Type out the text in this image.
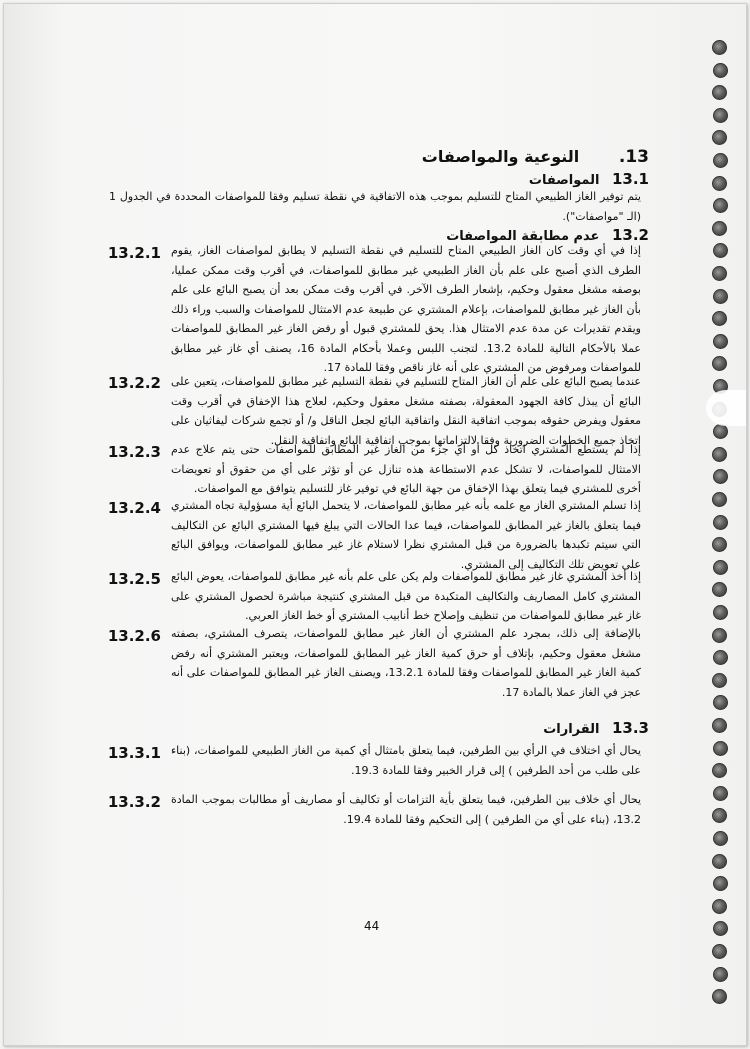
13. النوعية والمواصفات
13.1 المواصفات
يتم توفير الغاز الطبيعي المتاح للتسليم بموجب هذه الاتفاقية في نقطة تسليم وفقا للمواصفات المحددة في الجدول 1 (الـ "مواصفات").
13.2 عدم مطابقة المواصفات
13.2.1 إذا في أي وقت كان الغاز الطبيعي المتاح للتسليم في نقطة التسليم لا يطابق لمواصفات الغاز، يقوم الطرف الذي أصبح على علم بأن الغاز الطبيعي غير مطابق للمواصفات، في أقرب وقت ممكن عمليا، بوصفه مشغل معقول وحكيم، بإشعار الطرف الآخر. في أقرب وقت ممكن بعد أن يصبح البائع على علم بأن الغاز غير مطابق للمواصفات، بإعلام المشتري عن طبيعة عدم الامتثال للمواصفات والسبب وراء ذلك ويقدم تقديرات عن مدة عدم الامتثال هذا. يحق للمشتري قبول أو رفض الغاز غير المطابق للمواصفات عملا بالأحكام التالية للمادة 13.2. لتجنب اللبس وعملا بأحكام المادة 16، يصنف أي غاز غير مطابق للمواصفات ومرفوض من المشتري على أنه غاز ناقص وفقا للمادة 17.
13.2.2 عندما يصبح البائع على علم أن الغاز المتاح للتسليم في نقطة التسليم غير مطابق للمواصفات، يتعين على البائع أن يبذل كافة الجهود المعقولة، بصفته مشغل معقول وحكيم، لعلاج هذا الإخفاق في أقرب وقت معقول ويفرض حقوقه بموجب اتفاقية النقل واتفاقية البائع لجعل الناقل و/ أو تجمع شركات ليفاثيان على اتخاذ جميع الخطوات الضرورية وفقا لالتزاماتها بموجب اتفاقية البائع واتفاقية النقل.
13.2.3 إذا لم يستطع المشتري اتخاذ كل أو أي جزء من الغاز غير المطابق للمواصفات حتى يتم علاج عدم الامتثال للمواصفات، لا تشكل عدم الاستطاعة هذه تنازل عن أو تؤثر على أي من حقوق أو تعويضات أخرى للمشتري فيما يتعلق بهذا الإخفاق من جهة البائع في توفير غاز للتسليم يتوافق مع المواصفات.
13.2.4 إذا تسلم المشتري الغاز مع علمه بأنه غير مطابق للمواصفات، لا يتحمل البائع أية مسؤولية تجاه المشتري فيما يتعلق بالغاز غير المطابق للمواصفات، فيما عدا الحالات التي يبلغ فيها المشتري البائع عن التكاليف التي سيتم تكبدها بالضرورة من قبل المشتري نظرا لاستلام غاز غير مطابق للمواصفات، ويوافق البائع على تعويض تلك التكاليف إلى المشتري.
13.2.5 إذا أخذ المشتري غاز غير مطابق للمواصفات ولم يكن على علم بأنه غير مطابق للمواصفات، يعوض البائع المشتري كامل المصاريف والتكاليف المتكبدة من قبل المشتري كنتيجة مباشرة لحصول المشتري على غاز غير مطابق للمواصفات من تنظيف وإصلاح خط أنابيب المشتري أو خط الغاز العربي.
13.2.6 بالإضافة إلى ذلك، بمجرد علم المشتري أن الغاز غير مطابق للمواصفات، يتصرف المشتري، بصفته مشغل معقول وحكيم، بإتلاف أو حرق كمية الغاز غير المطابق للمواصفات، ويعتبر المشتري أنه رفض كمية الغاز غير المطابق للمواصفات وفقا للمادة 13.2.1، ويصنف الغاز غير المطابق للمواصفات على أنه عجز في الغاز عملا بالمادة 17.
13.3 القرارات
13.3.1 يحال أي اختلاف في الرأي بين الطرفين، فيما يتعلق بامتثال أي كمية من الغاز الطبيعي للمواصفات، (بناء على طلب من أحد الطرفين ) إلى قرار الخبير وفقا للمادة 19.3.
13.3.2 يحال أي خلاف بين الطرفين، فيما يتعلق بأية التزامات أو تكاليف أو مصاريف أو مطالبات بموجب المادة 13.2، (بناء على أي من الطرفين ) إلى التحكيم وفقا للمادة 19.4.
44
